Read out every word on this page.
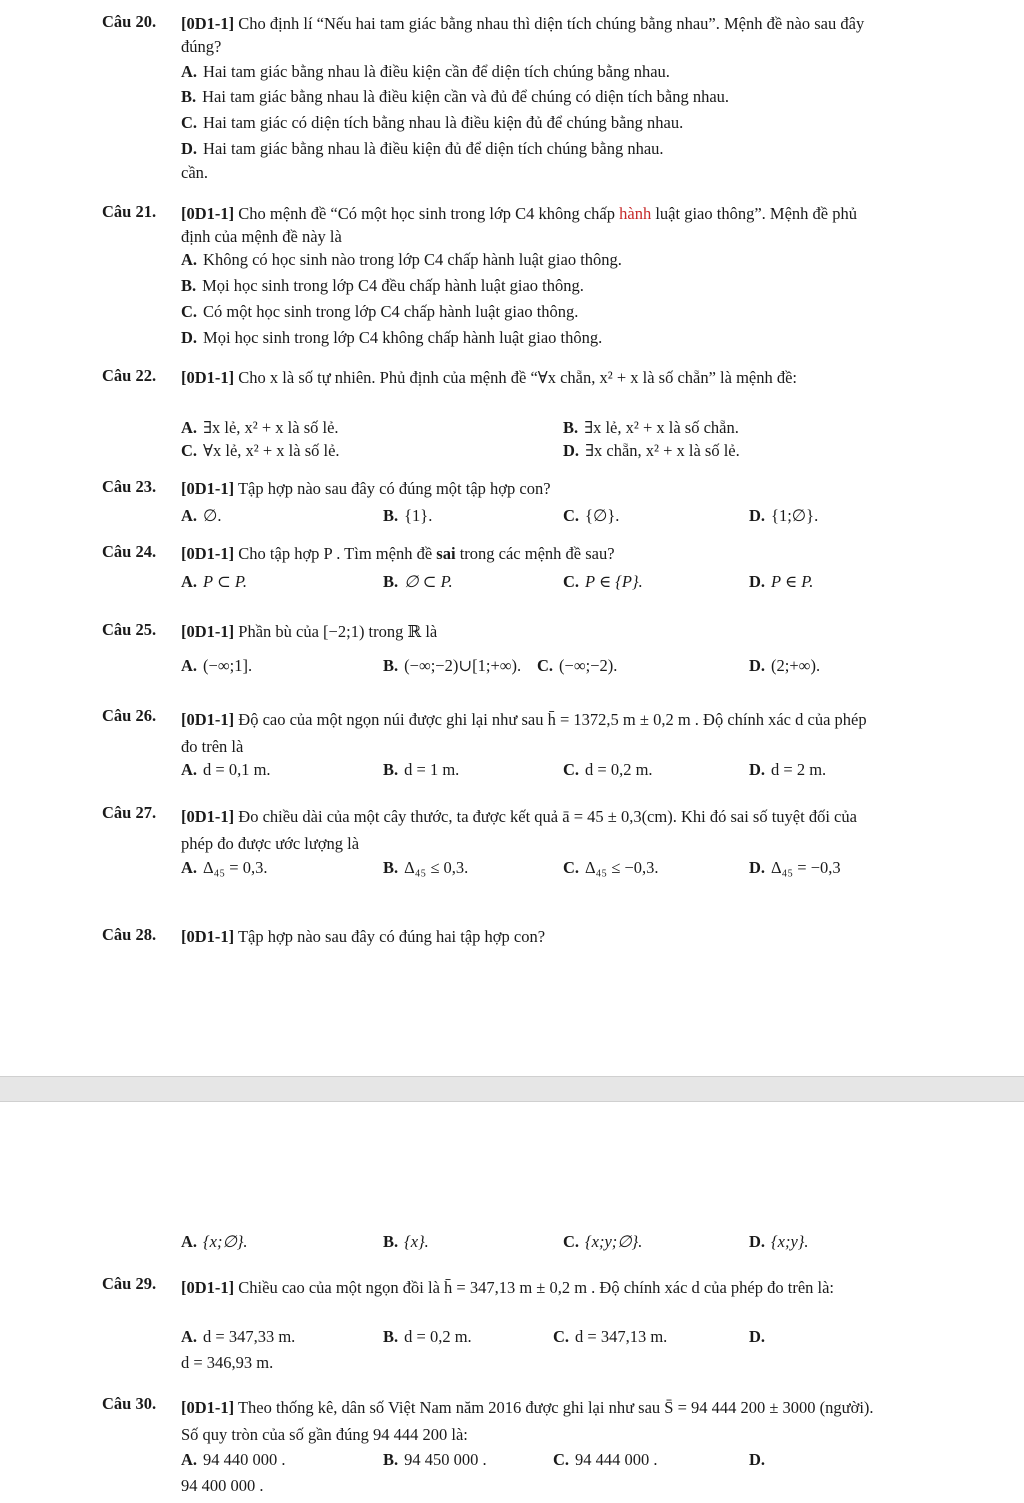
Câu 20. [0D1-1] Cho định lí “Nếu hai tam giác bằng nhau thì diện tích chúng bằng nhau”. Mệnh đề nào sau đây đúng?
A. Hai tam giác bằng nhau là điều kiện cần để diện tích chúng bằng nhau.
B. Hai tam giác bằng nhau là điều kiện cần và đủ để chúng có diện tích bằng nhau.
C. Hai tam giác có diện tích bằng nhau là điều kiện đủ để chúng bằng nhau.
D. Hai tam giác bằng nhau là điều kiện đủ để diện tích chúng bằng nhau.
cần.
Câu 21. [0D1-1] Cho mệnh đề “Có một học sinh trong lớp C4 không chấp hành luật giao thông”. Mệnh đề phủ định của mệnh đề này là
A. Không có học sinh nào trong lớp C4 chấp hành luật giao thông.
B. Mọi học sinh trong lớp C4 đều chấp hành luật giao thông.
C. Có một học sinh trong lớp C4 chấp hành luật giao thông.
D. Mọi học sinh trong lớp C4 không chấp hành luật giao thông.
Câu 22. [0D1-1] Cho x là số tự nhiên. Phủ định của mệnh đề “∀x chẵn, x² + x là số chẵn” là mệnh đề:
A. ∃x lẻ, x² + x là số lẻ.	B. ∃x lẻ, x² + x là số chẵn.
C. ∀x lẻ, x² + x là số lẻ.	D. ∃x chẵn, x² + x là số lẻ.
Câu 23. [0D1-1] Tập hợp nào sau đây có đúng một tập hợp con?
A. ∅.	B. {1}.	C. {∅}.	D. {1;∅}.
Câu 24. [0D1-1] Cho tập hợp P . Tìm mệnh đề sai trong các mệnh đề sau?
A. P ⊂ P.	B. ∅ ⊂ P.	C. P ∈ {P}.	D. P ∈ P.
Câu 25. [0D1-1] Phần bù của [−2;1) trong ℝ là
A. (−∞;1].	B. (−∞;−2)∪[1;+∞). C. (−∞;−2).	D. (2;+∞).
Câu 26. [0D1-1] Độ cao của một ngọn núi được ghi lại như sau h̄ = 1372,5 m ± 0,2 m . Độ chính xác d của phép đo trên là
A. d = 0,1 m.	B. d = 1 m.	C. d = 0,2 m.	D. d = 2 m.
Câu 27. [0D1-1] Đo chiều dài của một cây thước, ta được kết quả ā = 45 ± 0,3(cm). Khi đó sai số tuyệt đối của phép đo được ước lượng là
A. Δ₄₅ = 0,3.	B. Δ₄₅ ≤ 0,3.	C. Δ₄₅ ≤ −0,3.	D. Δ₄₅ = −0,3
Câu 28. [0D1-1] Tập hợp nào sau đây có đúng hai tập hợp con?
A. {x;∅}.	B. {x}.	C. {x;y;∅}.	D. {x;y}.
Câu 29. [0D1-1] Chiều cao của một ngọn đồi là h̄ = 347,13 m ± 0,2 m . Độ chính xác d của phép đo trên là:
A. d = 347,33 m.	B. d = 0,2 m.	C. d = 347,13 m.	D.
d = 346,93 m.
Câu 30. [0D1-1] Theo thống kê, dân số Việt Nam năm 2016 được ghi lại như sau S̄ = 94 444 200 ± 3000 (người). Số quy tròn của số gần đúng 94 444 200 là:
A. 94 440 000 .	B. 94 450 000 .	C. 94 444 000 .	D.
94 400 000 .
